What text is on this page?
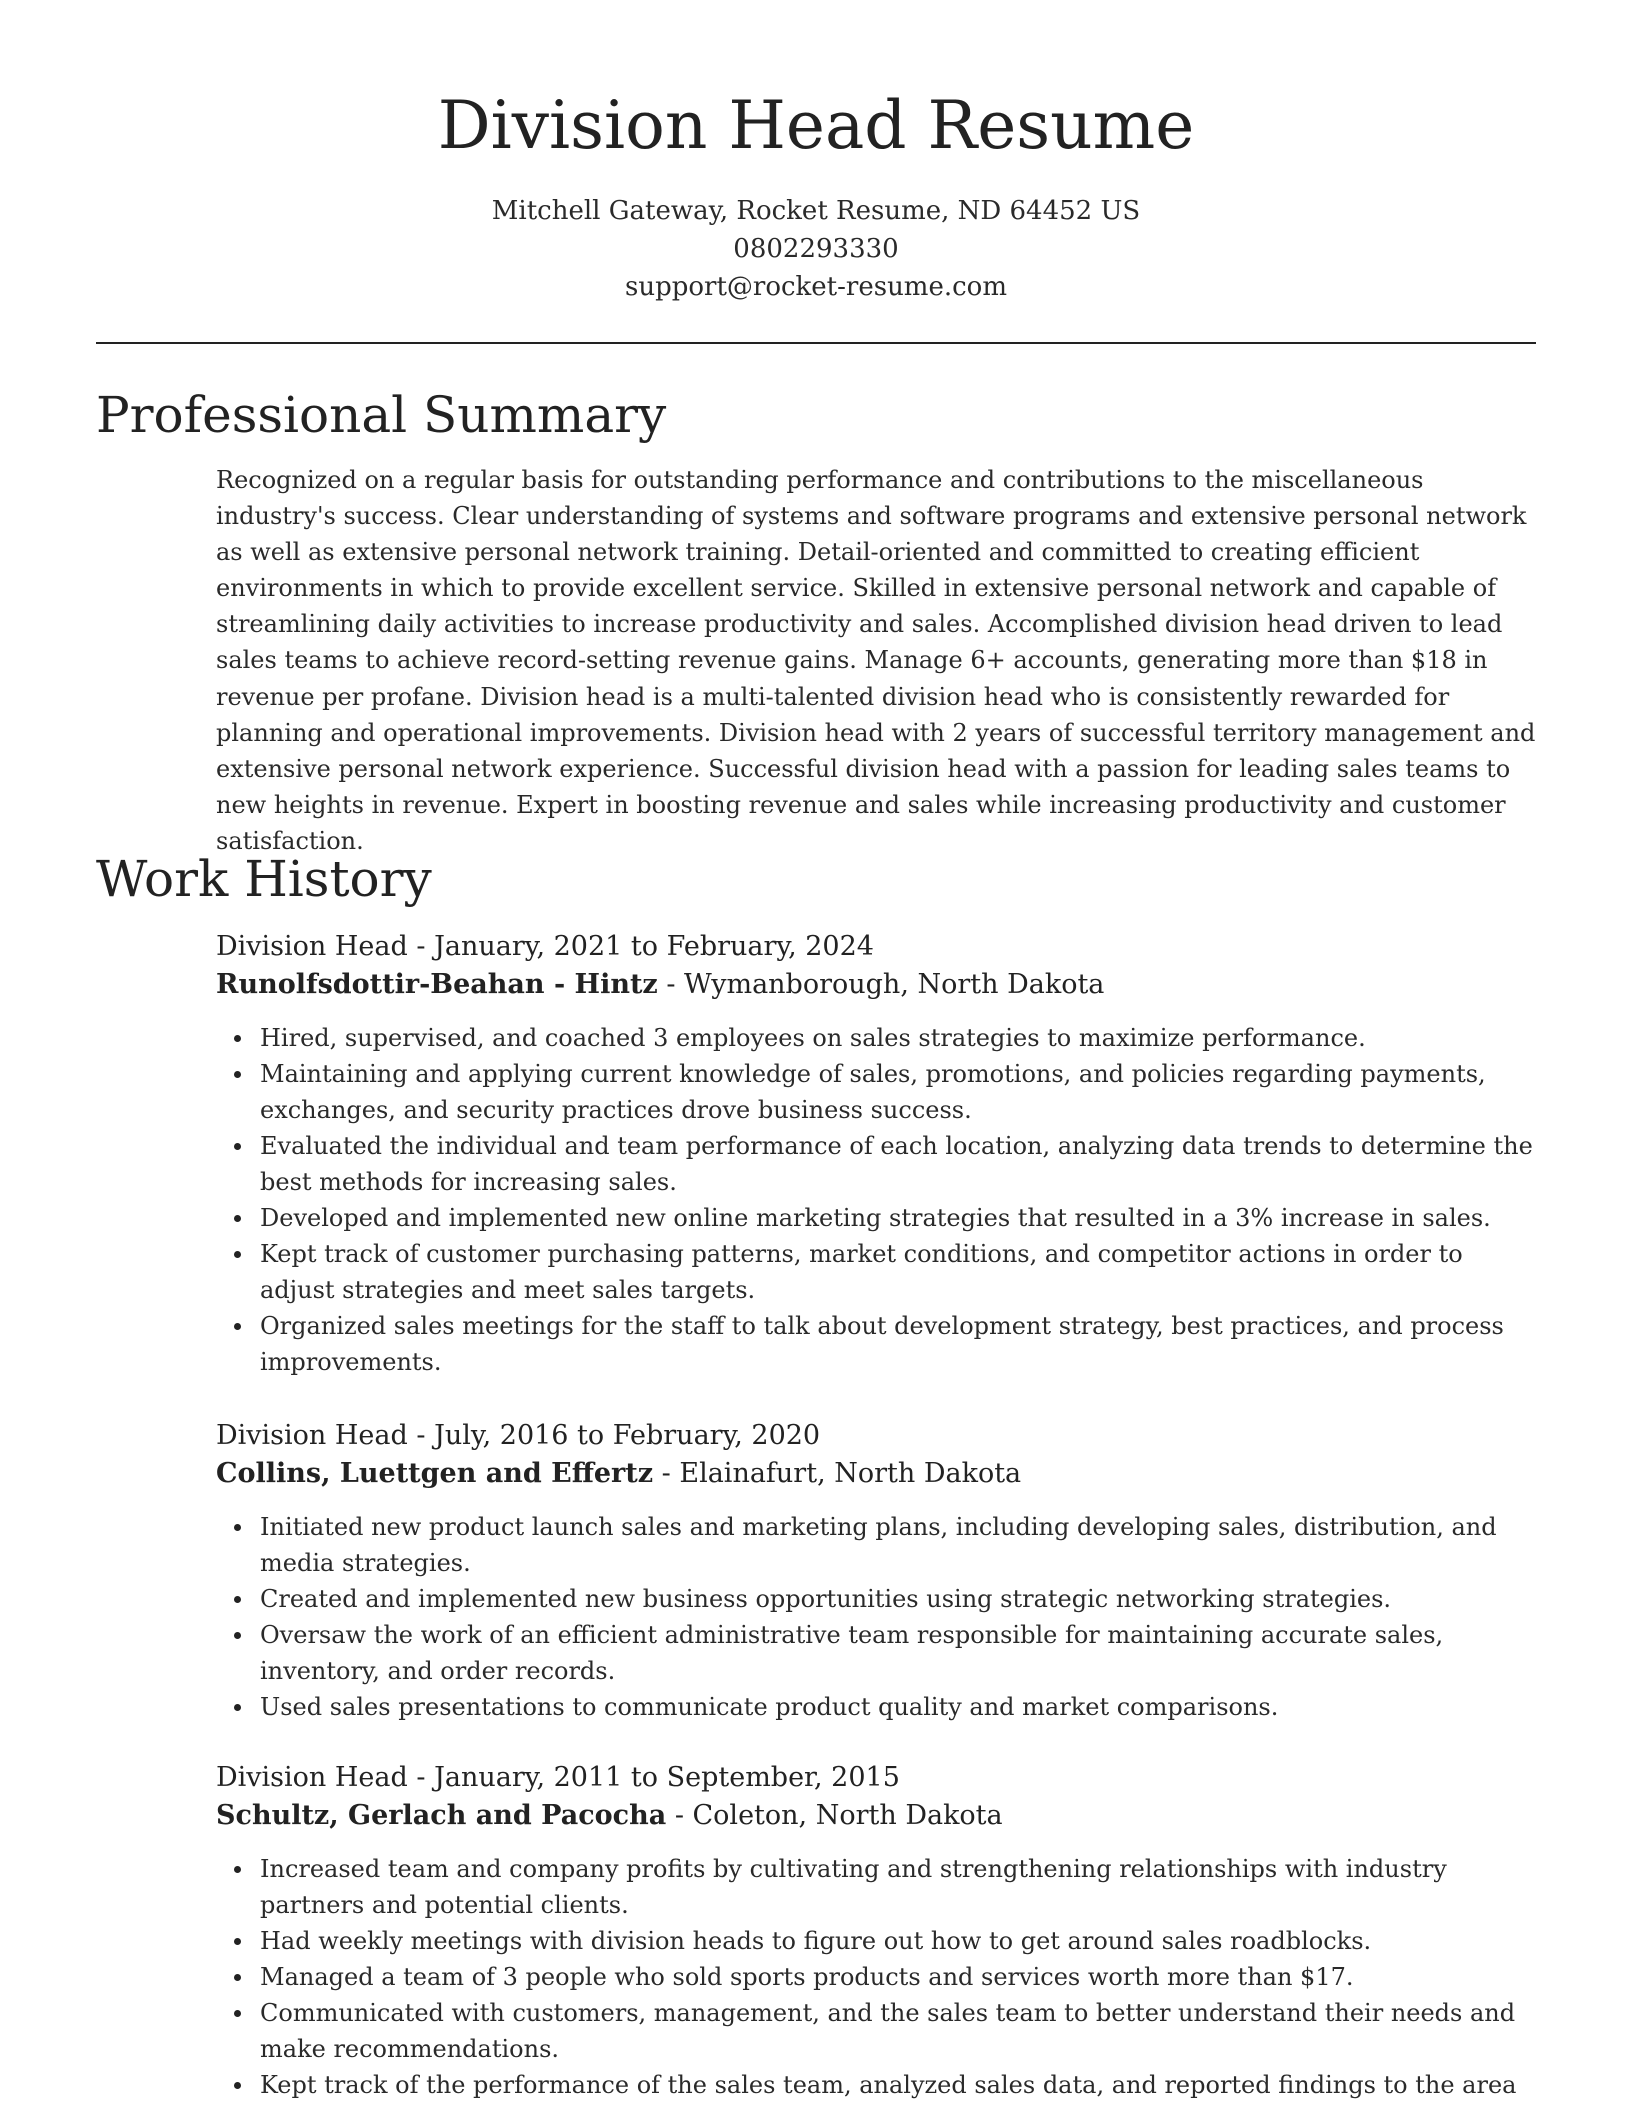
Division Head Resume
Mitchell Gateway, Rocket Resume, ND 64452 US
0802293330
support@rocket-resume.com
Professional Summary

Recognized on a regular basis for outstanding performance and contributions to the miscellaneous industry's success. Clear understanding of systems and software programs and extensive personal network as well as extensive personal network training. Detail-oriented and committed to creating efficient environments in which to provide excellent service. Skilled in extensive personal network and capable of streamlining daily activities to increase productivity and sales. Accomplished division head driven to lead sales teams to achieve record-setting revenue gains. Manage 6+ accounts, generating more than $18 in revenue per profane. Division head is a multi-talented division head who is consistently rewarded for planning and operational improvements. Division head with 2 years of successful territory management and extensive personal network experience. Successful division head with a passion for leading sales teams to new heights in revenue. Expert in boosting revenue and sales while increasing productivity and customer satisfaction.

Work History
Division Head - January, 2021 to February, 2024
Runolfsdottir-Beahan - Hintz - Wymanborough, North Dakota
Hired, supervised, and coached 3 employees on sales strategies to maximize performance.
Maintaining and applying current knowledge of sales, promotions, and policies regarding payments, exchanges, and security practices drove business success.
Evaluated the individual and team performance of each location, analyzing data trends to determine the best methods for increasing sales.
Developed and implemented new online marketing strategies that resulted in a 3% increase in sales.
Kept track of customer purchasing patterns, market conditions, and competitor actions in order to adjust strategies and meet sales targets.
Organized sales meetings for the staff to talk about development strategy, best practices, and process improvements.
Division Head - July, 2016 to February, 2020
Collins, Luettgen and Effertz - Elainafurt, North Dakota
Initiated new product launch sales and marketing plans, including developing sales, distribution, and media strategies.
Created and implemented new business opportunities using strategic networking strategies.
Oversaw the work of an efficient administrative team responsible for maintaining accurate sales, inventory, and order records.
Used sales presentations to communicate product quality and market comparisons.
Division Head - January, 2011 to September, 2015
Schultz, Gerlach and Pacocha - Coleton, North Dakota
Increased team and company profits by cultivating and strengthening relationships with industry partners and potential clients.
Had weekly meetings with division heads to figure out how to get around sales roadblocks.
Managed a team of 3 people who sold sports products and services worth more than $17.
Communicated with customers, management, and the sales team to better understand their needs and make recommendations.
Kept track of the performance of the sales team, analyzed sales data, and reported findings to the area
